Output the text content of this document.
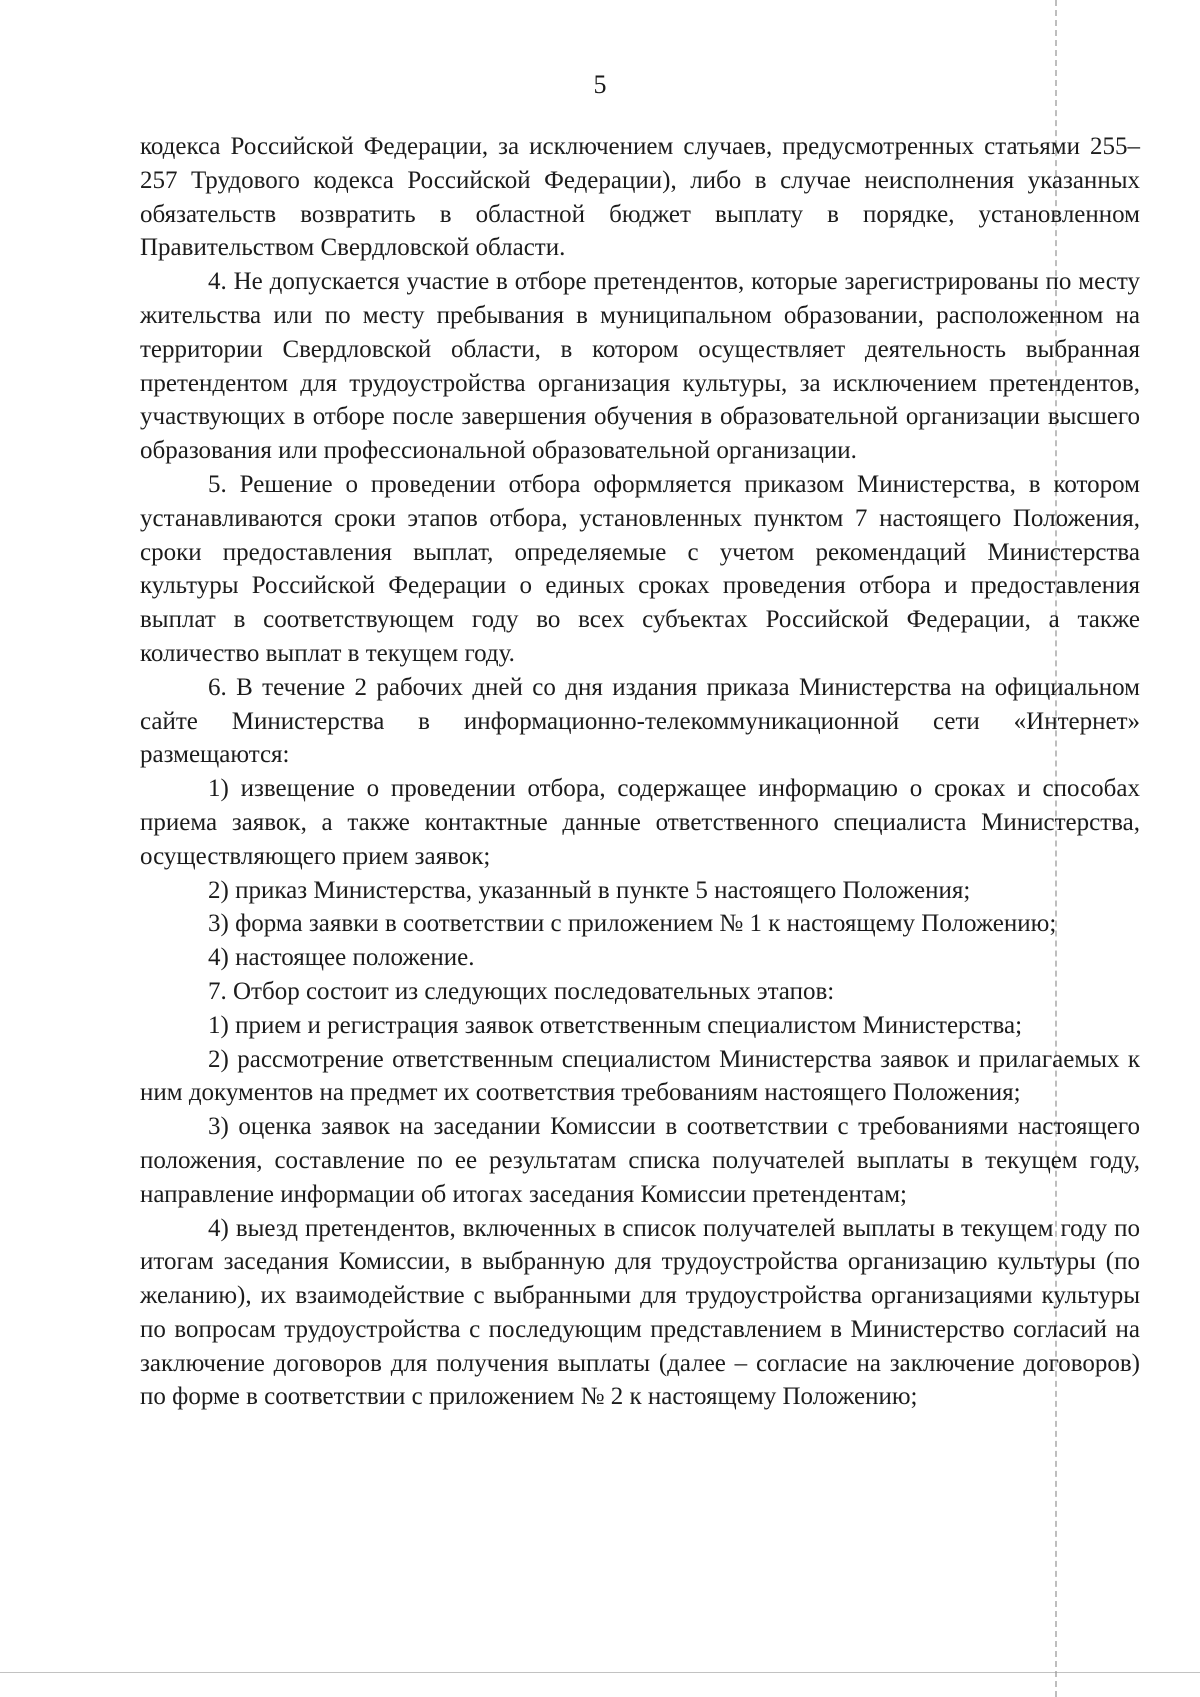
5

кодекса Российской Федерации, за исключением случаев, предусмотренных статьями 255–257 Трудового кодекса Российской Федерации), либо в случае неисполнения указанных обязательств возвратить в областной бюджет выплату в порядке, установленном Правительством Свердловской области.

4. Не допускается участие в отборе претендентов, которые зарегистрированы по месту жительства или по месту пребывания в муниципальном образовании, расположенном на территории Свердловской области, в котором осуществляет деятельность выбранная претендентом для трудоустройства организация культуры, за исключением претендентов, участвующих в отборе после завершения обучения в образовательной организации высшего образования или профессиональной образовательной организации.

5. Решение о проведении отбора оформляется приказом Министерства, в котором устанавливаются сроки этапов отбора, установленных пунктом 7 настоящего Положения, сроки предоставления выплат, определяемые с учетом рекомендаций Министерства культуры Российской Федерации о единых сроках проведения отбора и предоставления выплат в соответствующем году во всех субъектах Российской Федерации, а также количество выплат в текущем году.

6. В течение 2 рабочих дней со дня издания приказа Министерства на официальном сайте Министерства в информационно-телекоммуникационной сети «Интернет» размещаются:

1) извещение о проведении отбора, содержащее информацию о сроках и способах приема заявок, а также контактные данные ответственного специалиста Министерства, осуществляющего прием заявок;

2) приказ Министерства, указанный в пункте 5 настоящего Положения;

3) форма заявки в соответствии с приложением № 1 к настоящему Положению;

4) настоящее положение.

7. Отбор состоит из следующих последовательных этапов:

1) прием и регистрация заявок ответственным специалистом Министерства;

2) рассмотрение ответственным специалистом Министерства заявок и прилагаемых к ним документов на предмет их соответствия требованиям настоящего Положения;

3) оценка заявок на заседании Комиссии в соответствии с требованиями настоящего положения, составление по ее результатам списка получателей выплаты в текущем году, направление информации об итогах заседания Комиссии претендентам;

4) выезд претендентов, включенных в список получателей выплаты в текущем году по итогам заседания Комиссии, в выбранную для трудоустройства организацию культуры (по желанию), их взаимодействие с выбранными для трудоустройства организациями культуры по вопросам трудоустройства с последующим представлением в Министерство согласий на заключение договоров для получения выплаты (далее – согласие на заключение договоров) по форме в соответствии с приложением № 2 к настоящему Положению;
